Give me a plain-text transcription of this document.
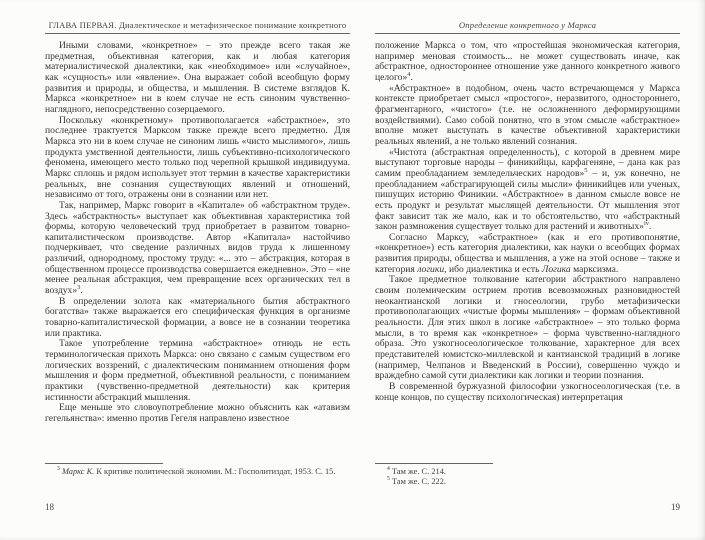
ГЛАВА ПЕРВАЯ. Диалектическое и метафизическое понимание конкретного

Иными словами, «конкретное» – это прежде всего такая же предметная, объективная категория, как и любая категория материалистической диалектики, как «необходимое» или «случайное», как «сущность» или «явление». Она выражает собой всеобщую форму развития и природы, и общества, и мышления. В системе взглядов К. Маркса «конкретное» ни в коем случае не есть синоним чувственно-наглядного, непосредственно созерцаемого.

Поскольку «конкретному» противополагается «абстрактное», это последнее трактуется Марксом также прежде всего предметно. Для Маркса это ни в коем случае не синоним лишь «чисто мыслимого», лишь продукта умственной деятельности, лишь субъективно-психологического феномена, имеющего место только под черепной крышкой индивидуума. Маркс сплошь и рядом использует этот термин в качестве характеристики реальных, вне сознания существующих явлений и отношений, независимо от того, отражены они в сознании или нет.

Так, например, Маркс говорит в «Капитале» об «абстрактном труде». Здесь «абстрактность» выступает как объективная характеристика той формы, которую человеческий труд приобретает в развитом товарно-капиталистическом производстве. Автор «Капитала» настойчиво подчеркивает, что сведение различных видов труда к лишенному различий, однородному, простому труду: «... это – абстракция, которая в общественном процессе производства совершается ежедневно». Это – «не менее реальная абстракция, чем превращение всех органических тел в воздух»$^3$.

В определении золота как «материального бытия абстрактного богатства» также выражается его специфическая функция в организме товарно-капиталистической формации, а вовсе не в сознании теоретика или практика.

Такое употребление термина «абстрактное» отнюдь не есть терминологическая прихоть Маркса: оно связано с самым существом его логических воззрений, с диалектическим пониманием отношения форм мышления и форм предметной, объективной реальности, с пониманием практики (чувственно-предметной деятельности) как критерия истинности абстракций мышления.

Еще меньше это словоупотребление можно объяснить как «атавизм гегельянства»: именно против Гегеля направлено известное

$^3$ Маркс К. К критике политической экономии. М.: Госполитиздат, 1953. С. 15.

18
Определение конкретного у Маркса

положение Маркса о том, что «простейшая экономическая категория, например меновая стоимость... не может существовать иначе, как абстрактное, одностороннее отношение уже данного конкретного живого целого»$^4$.

«Абстрактное» в подобном, очень часто встречающемся у Маркса контексте приобретает смысл «простого», неразвитого, одностороннего, фрагментарного, «чистого» (т.е. не осложненного деформирующими воздействиями). Само собой понятно, что в этом смысле «абстрактное» вполне может выступать в качестве объективной характеристики реальных явлений, а не только явлений сознания.

«Чистота (абстрактная определенность), с которой в древнем мире выступают торговые народы – финикийцы, карфагеняне, – дана как раз самим преобладанием земледельческих народов»$^5$ – и, уж конечно, не преобладанием «абстрагирующей силы мысли» финикийцев или ученых, пишущих историю Финикии. «Абстрактное» в данном смысле вовсе не есть продукт и результат мыслящей деятельности. От мышления этот факт зависит так же мало, как и то обстоятельство, что «абстрактный закон размножения существует только для растений и животных»$^{iv}$.

Согласно Марксу, «абстрактное» (как и его противопонятие, «конкретное») есть категория диалектики, как науки о всеобщих формах развития природы, общества и мышления, а уже на этой основе – также и категория логики, ибо диалектика и есть Логика марксизма.

Такое предметное толкование категории абстрактного направлено своим полемическим острием против всевозможных разновидностей неокантианской логики и гносеологии, грубо метафизически противополагающих «чистые формы мышления» – формам объективной реальности. Для этих школ в логике «абстрактное» – это только форма мысли, в то время как «конкретное» – форма чувственно-наглядного образа. Это узкогносеологическое толкование, характерное для всех представителей юмистско-миллевской и кантианской традиций в логике (например, Челпанов и Введенский в России), совершенно чуждо и враждебно самой сути диалектики как логики и теории познания.

В современной буржуазной философии узкогносеологическая (т.е. в конце концов, по существу психологическая) интерпретация

$^4$ Там же. С. 214.

$^5$ Там же. С. 222.

19
